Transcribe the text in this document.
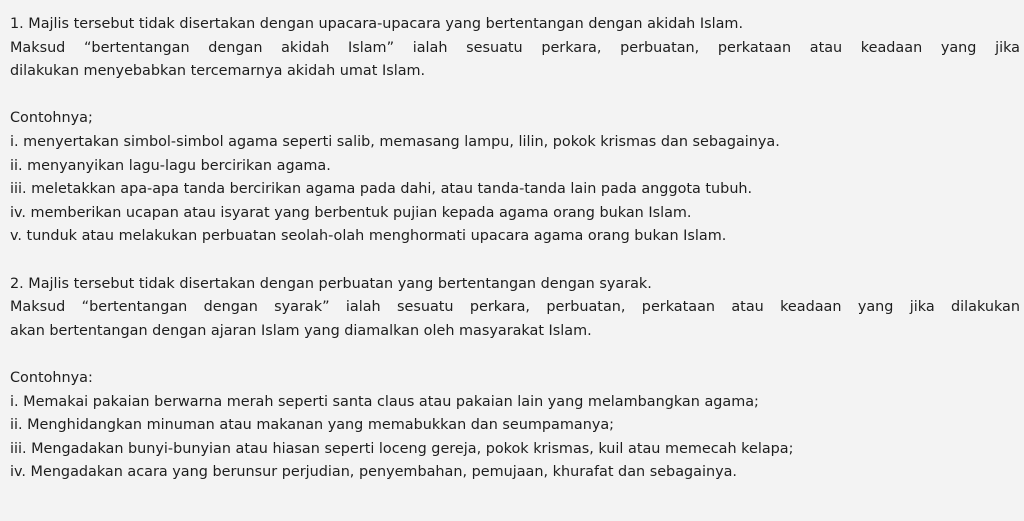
1. Majlis tersebut tidak disertakan dengan upacara-upacara yang bertentangan dengan akidah Islam.
Maksud “bertentangan dengan akidah Islam” ialah sesuatu perkara, perbuatan, perkataan atau keadaan yang jika
dilakukan menyebabkan tercemarnya akidah umat Islam.
Contohnya;
i. menyertakan simbol-simbol agama seperti salib, memasang lampu, lilin, pokok krismas dan sebagainya.
ii. menyanyikan lagu-lagu bercirikan agama.
iii. meletakkan apa-apa tanda bercirikan agama pada dahi, atau tanda-tanda lain pada anggota tubuh.
iv. memberikan ucapan atau isyarat yang berbentuk pujian kepada agama orang bukan Islam.
v. tunduk atau melakukan perbuatan seolah-olah menghormati upacara agama orang bukan Islam.
2. Majlis tersebut tidak disertakan dengan perbuatan yang bertentangan dengan syarak.
Maksud “bertentangan dengan syarak” ialah sesuatu perkara, perbuatan, perkataan atau keadaan yang jika dilakukan
akan bertentangan dengan ajaran Islam yang diamalkan oleh masyarakat Islam.
Contohnya:
i. Memakai pakaian berwarna merah seperti santa claus atau pakaian lain yang melambangkan agama;
ii. Menghidangkan minuman atau makanan yang memabukkan dan seumpamanya;
iii. Mengadakan bunyi-bunyian atau hiasan seperti loceng gereja, pokok krismas, kuil atau memecah kelapa;
iv. Mengadakan acara yang berunsur perjudian, penyembahan, pemujaan, khurafat dan sebagainya.
